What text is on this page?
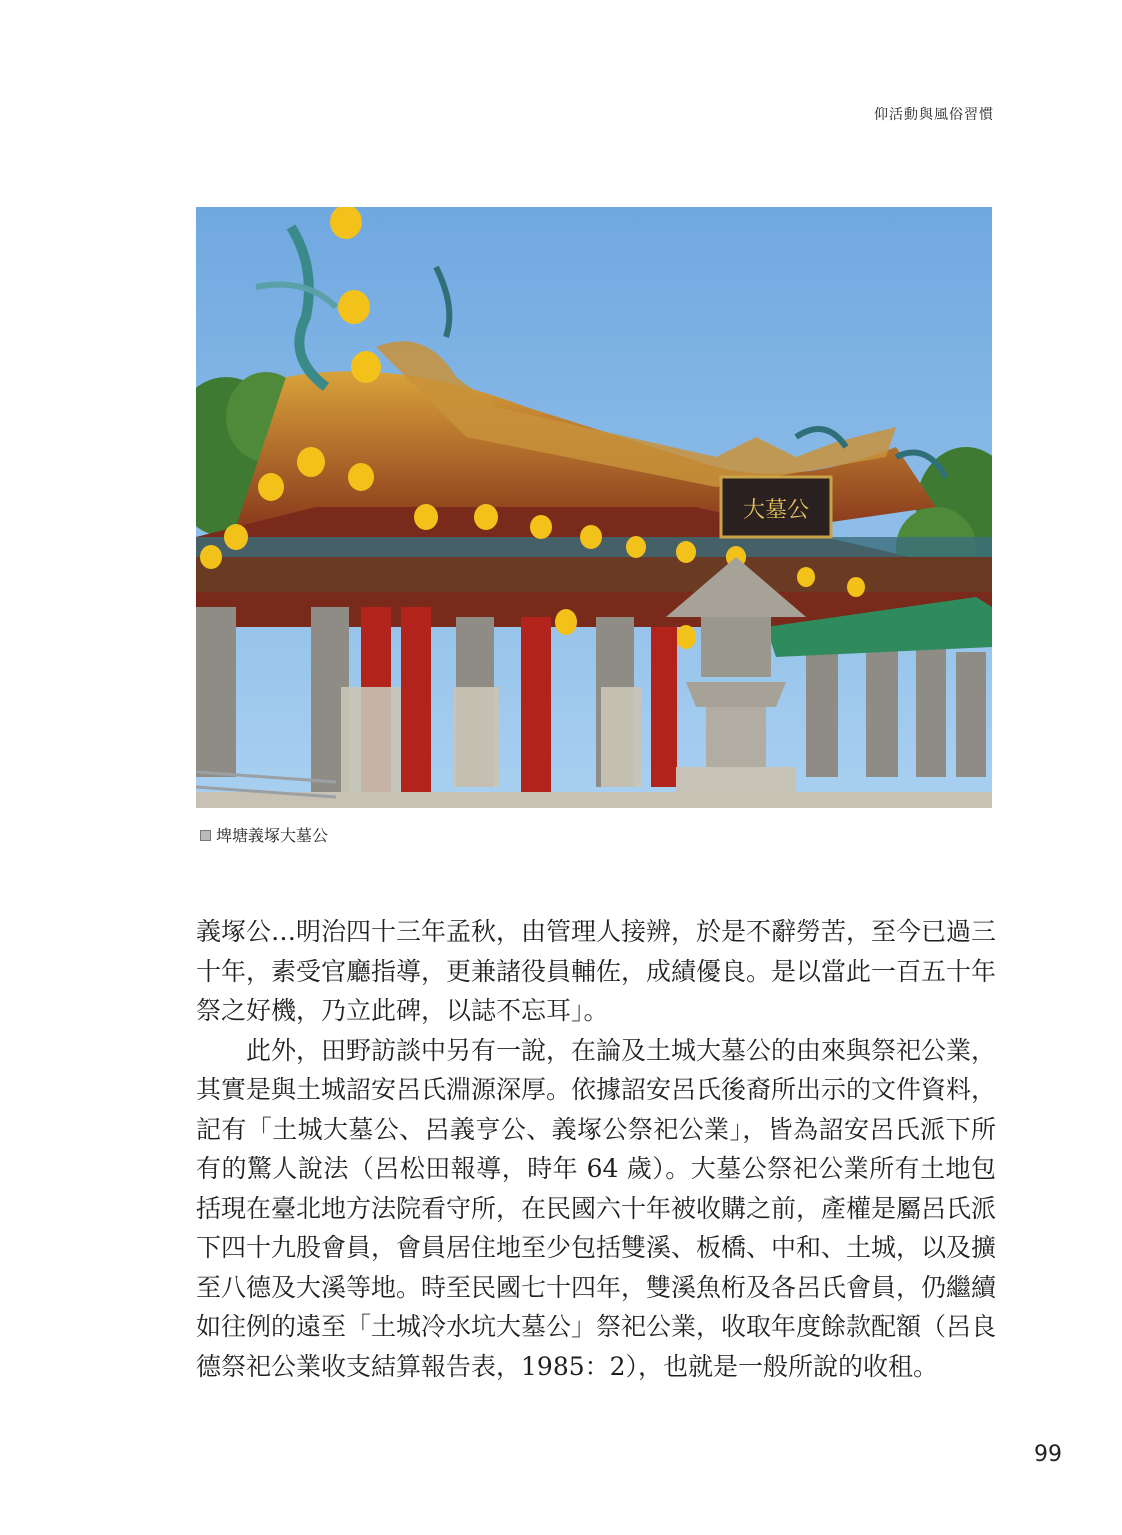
仰活動與風俗習慣
大墓公
埤塘義塚大墓公

義塚公…明治四十三年孟秋，由管理人接辨，於是不辭勞苦，至今已過三十年，素受官廳指導，更兼諸役員輔佐，成績優良。是以當此一百五十年祭之好機，乃立此碑，以誌不忘耳」。

此外，田野訪談中另有一說，在論及土城大墓公的由來與祭祀公業，其實是與土城詔安呂氏淵源深厚。依據詔安呂氏後裔所出示的文件資料，記有「土城大墓公、呂義亨公、義塚公祭祀公業」，皆為詔安呂氏派下所有的驚人說法（呂松田報導，時年 64 歲）。大墓公祭祀公業所有土地包括現在臺北地方法院看守所，在民國六十年被收購之前，產權是屬呂氏派下四十九股會員，會員居住地至少包括雙溪、板橋、中和、土城，以及擴至八德及大溪等地。時至民國七十四年，雙溪魚桁及各呂氏會員，仍繼續如往例的遠至「土城冷水坑大墓公」祭祀公業，收取年度餘款配額（呂良德祭祀公業收支結算報告表，1985：2），也就是一般所說的收租。

99
